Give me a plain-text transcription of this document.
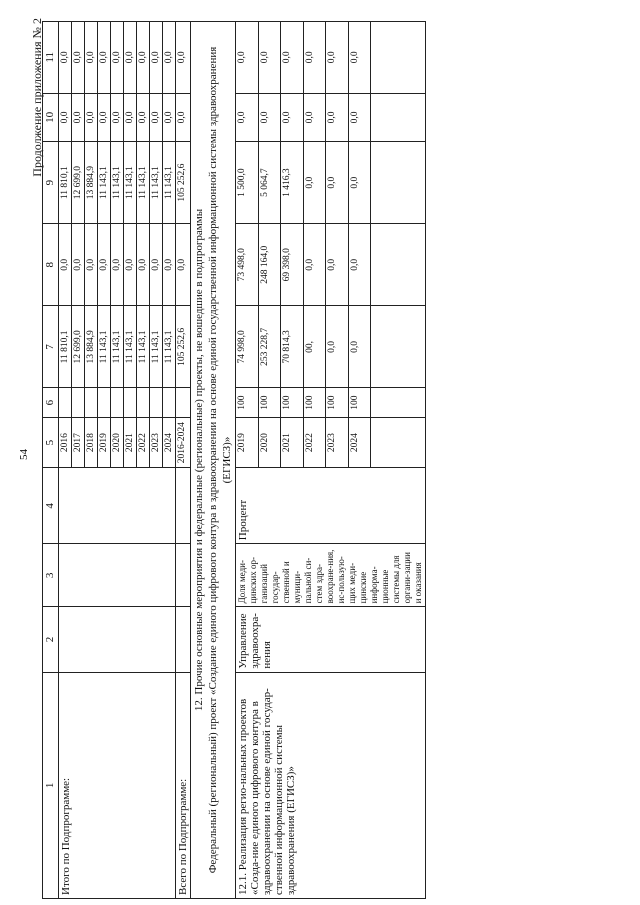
54
Продолжение приложения № 2
1	2	3	4	5	6	7	8	9	10	11
Итого по Подпрограмме:				2016		11 810,1	0,0	11 810,1	0,0	0,0
				2017		12 699,0	0,0	12 699,0	0,0	0,0
				2018		13 884,9	0,0	13 884,9	0,0	0,0
				2019		11 143,1	0,0	11 143,1	0,0	0,0
				2020		11 143,1	0,0	11 143,1	0,0	0,0
				2021		11 143,1	0,0	11 143,1	0,0	0,0
				2022		11 143,1	0,0	11 143,1	0,0	0,0
				2023		11 143,1	0,0	11 143,1	0,0	0,0
				2024		11 143,1	0,0	11 143,1	0,0	0,0
Всего по Подпрограмме:				2016-2024		105 252,6	0,0	105 252,6	0,0	0,0

12. Прочие основные мероприятия и федеральные (региональные) проекты, не вошедшие в подпрограммы Федеральный (региональный) проект «Создание единого цифрового контура в здравоохранении на основе единой государственной информационной системы здравоохранения (ЕГИСЗ)»										

12.1. Реализация регио-нальных проектов «Созда-ние единого цифрового контура в здравоохранении на основе единой государ-ственной информационной системы здравоохранения (ЕГИСЗ)»	Управление здравоохра-нения	Доля меди-цинских ор-ганизаций государ-ственной и муници-пальной си-стем здра-воохране-ния, ис-пользую-щих меди-цинские информа-ционные системы для органи-зации и оказания	Процент	2019	100	74 998,0	73 498,0	1 500,0	0,0	0,0
				2020	100	253 228,7	248 164,0	5 064,7	0,0	0,0
				2021	100	70 814,3	69 398,0	1 416,3	0,0	0,0
				2022	100	00,	0,0	0,0	0,0	0,0
				2023	100	0,0	0,0	0,0	0,0	0,0
				2024	100	0,0	0,0	0,0	0,0	0,0
